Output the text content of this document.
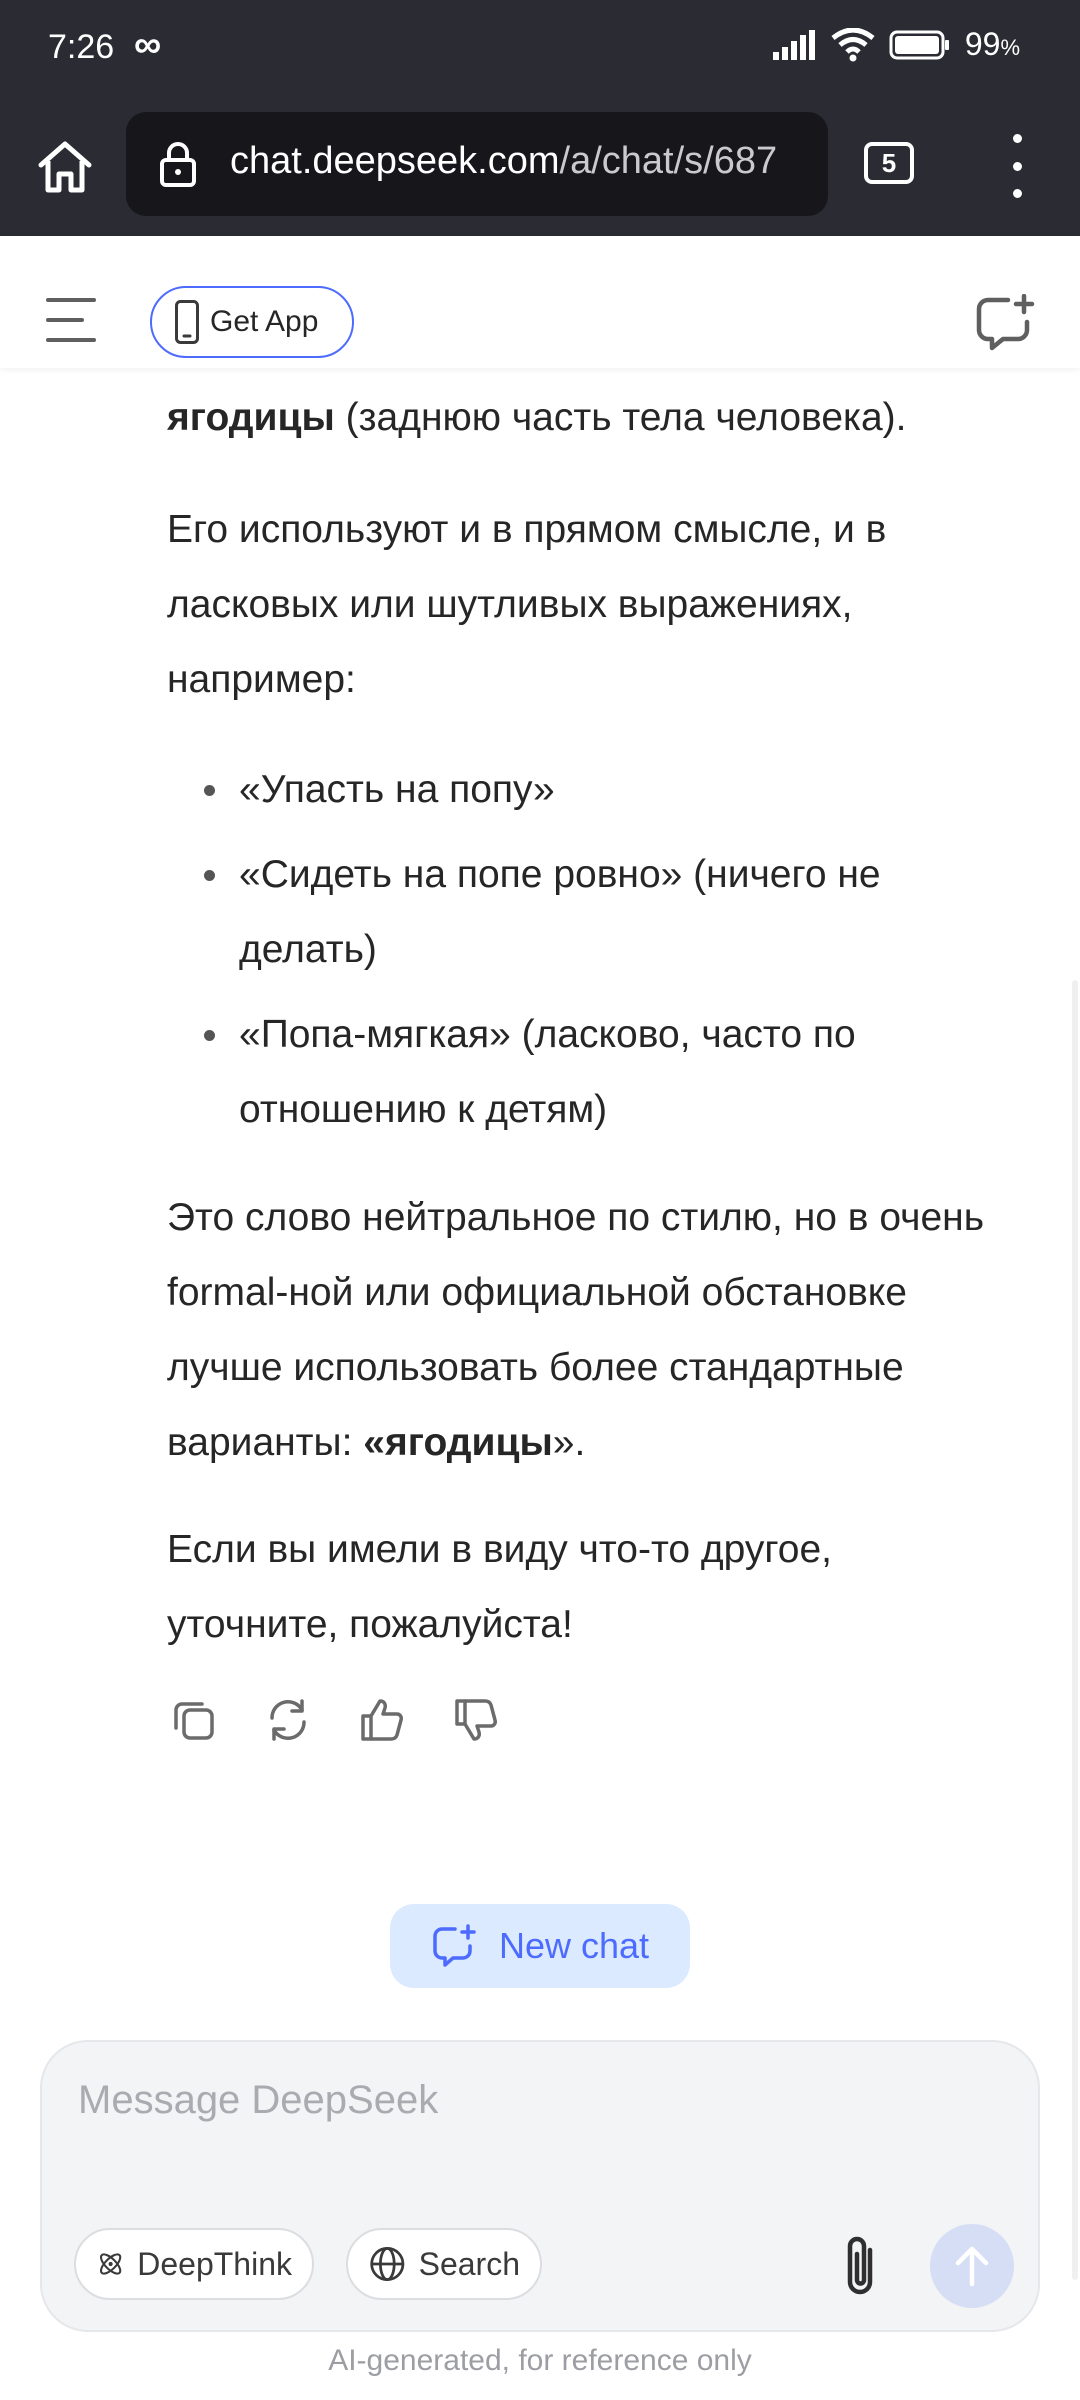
7:26 ∞	99%
chat.deepseek.com/a/chat/s/687	5
Get App

ягодицы (заднюю часть тела человека).

Его используют и в прямом смысле, и в ласковых или шутливых выражениях, например:

«Упасть на попу»
«Сидеть на попе ровно» (ничего не делать)
«Попа-мягкая» (ласково, часто по отношению к детям)

Это слово нейтральное по стилю, но в очень formal-ной или официальной обстановке лучше использовать более стандартные варианты: «ягодицы».

Если вы имели в виду что-то другое, уточните, пожалуйста!

New chat
Message DeepSeek
DeepThink	Search
AI-generated, for reference only
